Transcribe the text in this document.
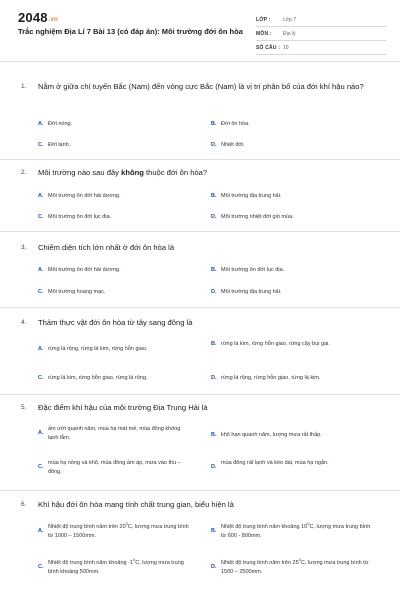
2048.vn
Trắc nghiệm Địa Lí 7 Bài 13 (có đáp án): Môi trường đới ôn hòa
LỚP :	Lớp 7
MÔN :	Địa lý
SỐ CÂU : 10
1. Nằm ở giữa chí tuyến Bắc (Nam) đến vòng cực Bắc (Nam) là vị trí phân bố của đới khí hậu nào?
A. Đới nóng.	B. Đới ôn hòa.
C. Đới lạnh.	D. Nhiệt đới.
2. Môi trường nào sau đây không thuộc đới ôn hòa?
A. Môi trường ôn đới hải dương.	B. Môi trường địa trung hải.
C. Môi trường ôn đới lục địa.	D. Môi trường nhiệt đới gió mùa.
3. Chiếm diện tích lớn nhất ở đới ôn hòa là
A. Môi trường ôn đới hải dương.	B. Môi trường ôn đới lục địa.
C. Môi trường hoang mạc.	D. Môi trường địa trung hải.
4. Thảm thực vật đới ôn hòa từ tây sang đông là
A. rừng lá rộng, rừng lá kim, rừng hỗn giao.
B. rừng lá kim, rừng hỗn giao, rừng cây bụi gai.
C. rừng lá kim, rừng hỗn giao, rừng lá rộng.	D. rừng lá rộng, rừng hỗn giao, rừng lá kim.
5. Đặc điểm khí hậu của môi trường Địa Trung Hải là
A.
ấm ướt quanh năm, mùa hạ mát mẻ, mùa đông không lạnh lắm.	B. khô hạn quanh năm, lượng mưa rất thấp.
C.
mùa hạ nóng và khô, mùa đông ấm áp, mưa vào thu – đông.
D.
mùa đông rất lạnh và kéo dài, mùa hạ ngắn.
6. Khí hậu đới ôn hòa mang tính chất trung gian, biểu hiện là
A.
Nhiệt độ trung bình năm trên $20^0C$, lượng mưa trung bình từ 1000 – 1500mm.
B.
Nhiệt độ trung bình năm khoảng $10^0C$, lượng mưa trung bình từ 600 - 800mm.
C.
Nhiệt độ trung bình năm khoảng $-1^0C$, lượng mưa trung bình khoảng 500mm.
D.
Nhiệt độ trung bình năm trên $25^0C$, lượng mưa trung bình từ 1500 – 2500mm.
